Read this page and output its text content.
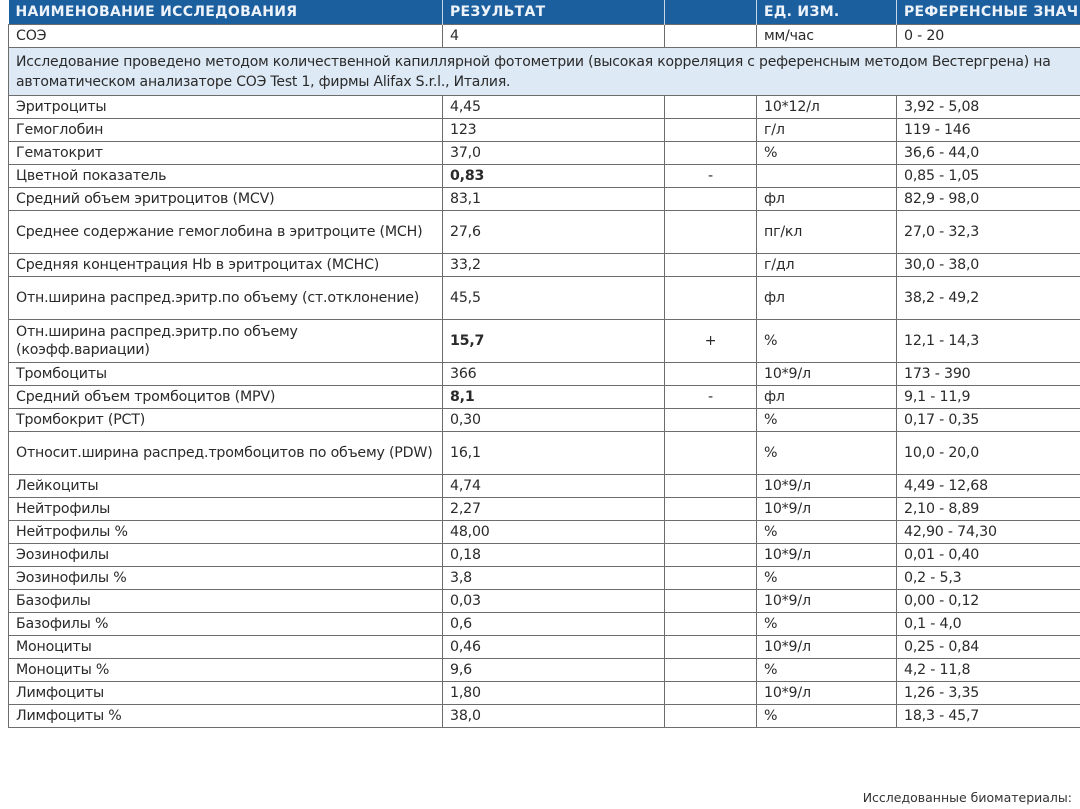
НАИМЕНОВАНИЕ ИССЛЕДОВАНИЯ	РЕЗУЛЬТАТ		ЕД. ИЗМ.	РЕФЕРЕНСНЫЕ ЗНАЧ
СОЭ	4		мм/час	0 - 20
Исследование проведено методом количественной капиллярной фотометрии (высокая корреляция с референсным методом Вестергрена) на автоматическом анализаторе СОЭ Test 1, фирмы Alifax S.r.l., Италия.				
Эритроциты	4,45		10*12/л	3,92 - 5,08
Гемоглобин	123		г/л	119 - 146
Гематокрит	37,0		%	36,6 - 44,0
Цветной показатель	0,83	-		0,85 - 1,05
Средний объем эритроцитов (MCV)	83,1		фл	82,9 - 98,0
Среднее содержание гемоглобина в эритроците (MCH)	27,6		пг/кл	27,0 - 32,3
Средняя концентрация Hb в эритроцитах (MCHC)	33,2		г/дл	30,0 - 38,0
Отн.ширина распред.эритр.по объему (ст.отклонение)	45,5		фл	38,2 - 49,2
Отн.ширина распред.эритр.по объему (коэфф.вариации)	15,7	+	%	12,1 - 14,3
Тромбоциты	366		10*9/л	173 - 390
Средний объем тромбоцитов (MPV)	8,1	-	фл	9,1 - 11,9
Тромбокрит (PCT)	0,30		%	0,17 - 0,35
Относит.ширина распред.тромбоцитов по объему (PDW)	16,1		%	10,0 - 20,0
Лейкоциты	4,74		10*9/л	4,49 - 12,68
Нейтрофилы	2,27		10*9/л	2,10 - 8,89
Нейтрофилы %	48,00		%	42,90 - 74,30
Эозинофилы	0,18		10*9/л	0,01 - 0,40
Эозинофилы %	3,8		%	0,2 - 5,3
Базофилы	0,03		10*9/л	0,00 - 0,12
Базофилы %	0,6		%	0,1 - 4,0
Моноциты	0,46		10*9/л	0,25 - 0,84
Моноциты %	9,6		%	4,2 - 11,8
Лимфоциты	1,80		10*9/л	1,26 - 3,35
Лимфоциты %	38,0		%	18,3 - 45,7
Исследованные биоматериалы:
